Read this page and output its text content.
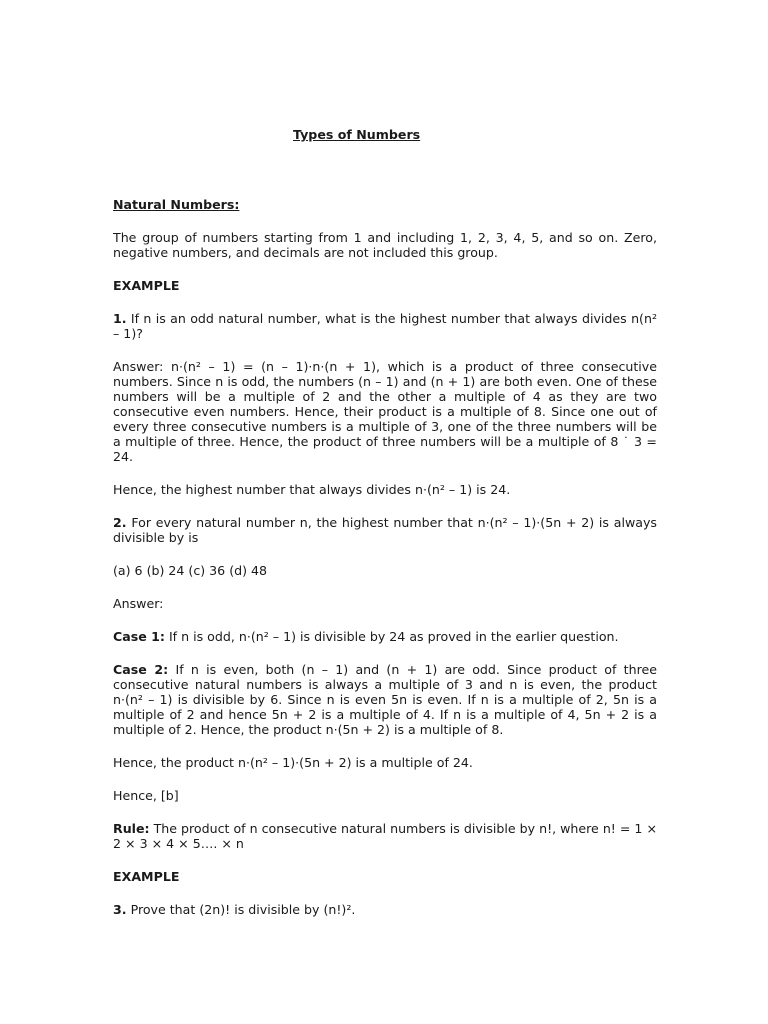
Types of Numbers

Natural Numbers:

The group of numbers starting from 1 and including 1, 2, 3, 4, 5, and so on. Zero, negative numbers, and decimals are not included this group.

EXAMPLE

1. If n is an odd natural number, what is the highest number that always divides n(n² – 1)?

Answer: n·(n² – 1) = (n – 1)·n·(n + 1), which is a product of three consecutive numbers. Since n is odd, the numbers (n – 1) and (n + 1) are both even. One of these numbers will be a multiple of 2 and the other a multiple of 4 as they are two consecutive even numbers. Hence, their product is a multiple of 8. Since one out of every three consecutive numbers is a multiple of 3, one of the three numbers will be a multiple of three. Hence, the product of three numbers will be a multiple of 8 ˙ 3 = 24.

Hence, the highest number that always divides n·(n² – 1) is 24.

2. For every natural number n, the highest number that n·(n² – 1)·(5n + 2) is always divisible by is

(a) 6 (b) 24 (c) 36 (d) 48

Answer:

Case 1: If n is odd, n·(n² – 1) is divisible by 24 as proved in the earlier question.

Case 2: If n is even, both (n – 1) and (n + 1) are odd. Since product of three consecutive natural numbers is always a multiple of 3 and n is even, the product n·(n² – 1) is divisible by 6. Since n is even 5n is even. If n is a multiple of 2, 5n is a multiple of 2 and hence 5n + 2 is a multiple of 4. If n is a multiple of 4, 5n + 2 is a multiple of 2. Hence, the product n·(5n + 2) is a multiple of 8.

Hence, the product n·(n² – 1)·(5n + 2) is a multiple of 24.

Hence, [b]

Rule: The product of n consecutive natural numbers is divisible by n!, where n! = 1 × 2 × 3 × 4 × 5…. × n

EXAMPLE

3. Prove that (2n)! is divisible by (n!)².
